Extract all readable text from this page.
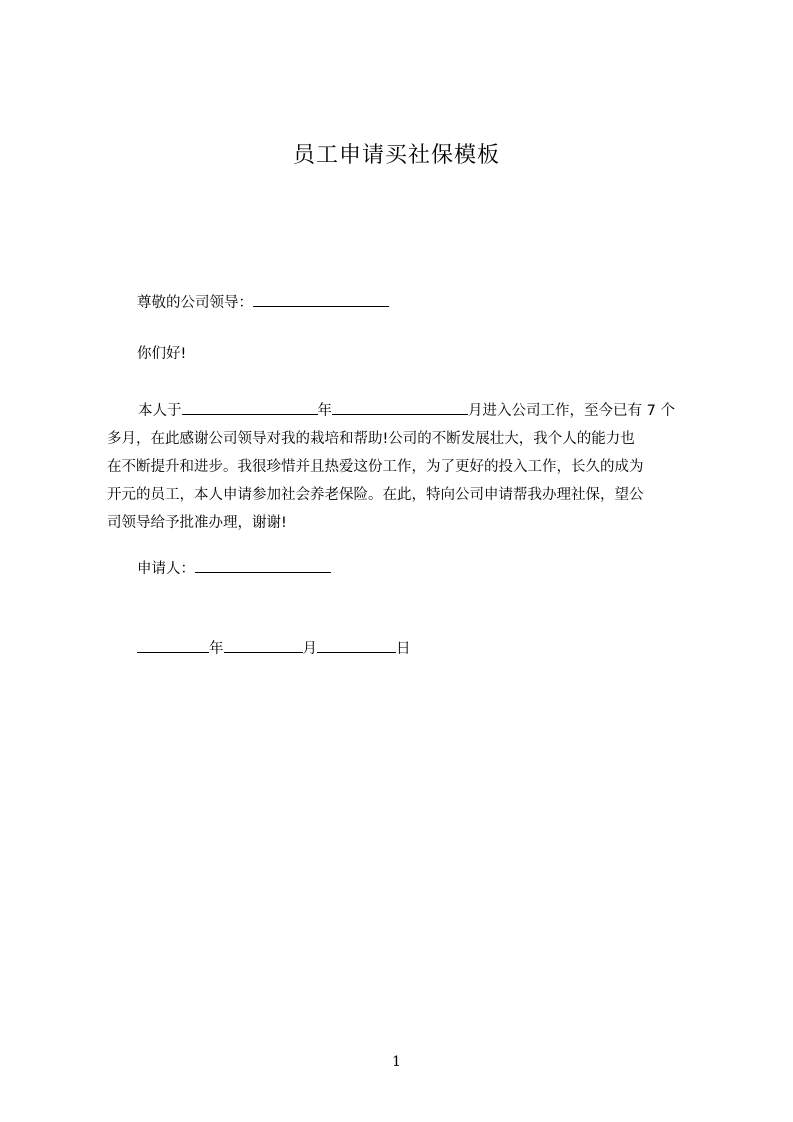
员工申请买社保模板
尊敬的公司领导：
你们好!
本人于	年	月进入公司工作，至今已有 7 个
多月，在此感谢公司领导对我的栽培和帮助!公司的不断发展壮大，我个人的能力也
在不断提升和进步。我很珍惜并且热爱这份工作，为了更好的投入工作，长久的成为
开元的员工，本人申请参加社会养老保险。在此，特向公司申请帮我办理社保，望公
司领导给予批准办理，谢谢!
申请人：
年	月	日
1
